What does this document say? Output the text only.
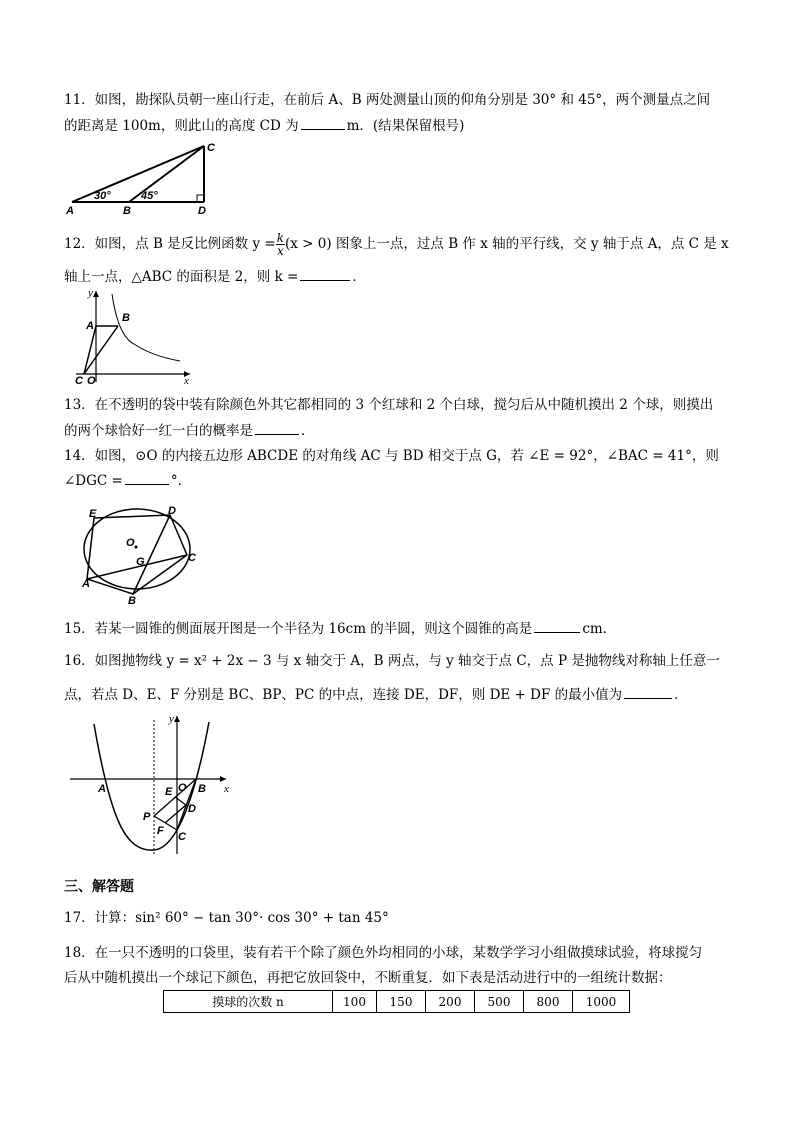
11．如图，勘探队员朝一座山行走，在前后 A、B 两处测量山顶的仰角分别是 30° 和 45°，两个测量点之间
的距离是 100m，则此山的高度 CD 为	m．(结果保留根号)
A	B
C
D
30°	45°
12．如图，点 B 是反比例函数 $y = \frac{k}{x} (x > 0)$ 图象上一点，过点 B 作 x 轴的平行线，交 y 轴于点 A，点 C 是 x
轴上一点，△ABC 的面积是 2，则 k =	．
y
x
A
B
C O
13．在不透明的袋中装有除颜色外其它都相同的 3 个红球和 2 个白球，搅匀后从中随机摸出 2 个球，则摸出
的两个球恰好一红一白的概率是	．
14．如图，⊙O 的内接五边形 ABCDE 的对角线 AC 与 BD 相交于点 G，若 ∠E = 92°，∠BAC = 41°，则
∠DGC =	°．
E	D
C
B
A
O
G
15．若某一圆锥的侧面展开图是一个半径为 16cm 的半圆，则这个圆锥的高是	cm．
16．如图抛物线 y = x² + 2x − 3 与 x 轴交于 A，B 两点，与 y 轴交于点 C，点 P 是抛物线对称轴上任意一
点，若点 D、E、F 分别是 BC、BP、PC 的中点，连接 DE，DF，则 DE + DF 的最小值为	．
y
x
A	B
C
O
D
E
F
P
三、解答题
17．计算：sin² 60° − tan 30°· cos 30° + tan 45°
18．在一只不透明的口袋里，装有若干个除了颜色外均相同的小球，某数学学习小组做摸球试验，将球搅匀
后从中随机摸出一个球记下颜色，再把它放回袋中，不断重复．如下表是活动进行中的一组统计数据：
摸球的次数 n	100	150	200	500	800	1000
